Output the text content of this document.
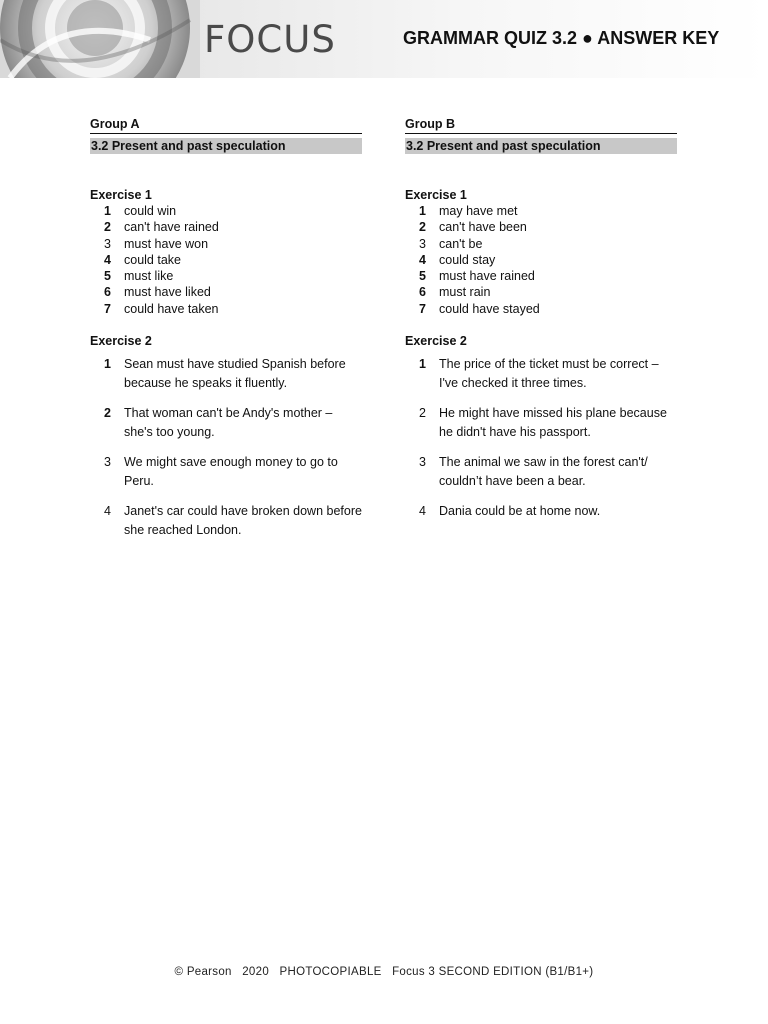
FOCUS	GRAMMAR QUIZ 3.2 ● ANSWER KEY
Group A
3.2 Present and past speculation
Exercise 1
1	could win
2	can't have rained
3	must have won
4	could take
5	must like
6	must have liked
7	could have taken
Exercise 2
1	Sean must have studied Spanish before because he speaks it fluently.
2	That woman can't be Andy's mother – she's too young.
3	We might save enough money to go to Peru.
4	Janet's car could have broken down before she reached London.
Group B
3.2 Present and past speculation
Exercise 1
1	may have met
2	can't have been
3	can't be
4	could stay
5	must have rained
6	must rain
7	could have stayed
Exercise 2
1	The price of the ticket must be correct – I've checked it three times.
2	He might have missed his plane because he didn't have his passport.
3	The animal we saw in the forest can't/ couldn’t have been a bear.
4	Dania could be at home now.
© Pearson   2020   PHOTOCOPIABLE   Focus 3 SECOND EDITION (B1/B1+)
